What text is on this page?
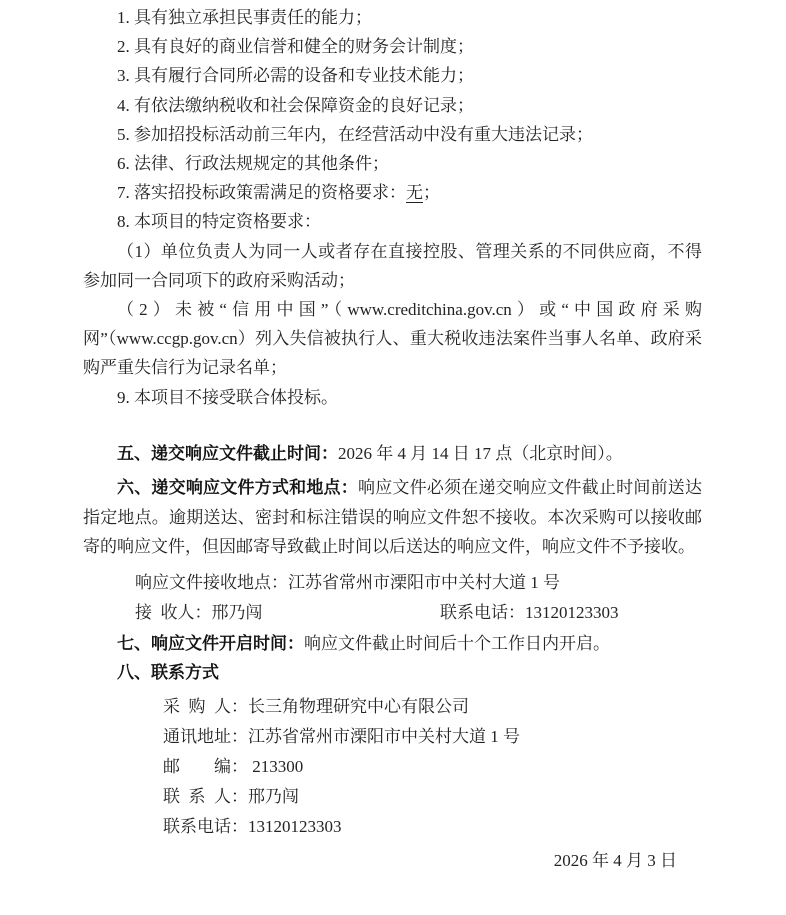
1. 具有独立承担民事责任的能力；

2. 具有良好的商业信誉和健全的财务会计制度；

3. 具有履行合同所必需的设备和专业技术能力；

4. 有依法缴纳税收和社会保障资金的良好记录；

5. 参加招投标活动前三年内，在经营活动中没有重大违法记录；

6. 法律、行政法规规定的其他条件；

7. 落实招投标政策需满足的资格要求：无；

8. 本项目的特定资格要求：

（1）单位负责人为同一人或者存在直接控股、管理关系的不同供应商，不得参加同一合同项下的政府采购活动；

（2）未被“信用中国”（www.creditchina.gov.cn）或“中国政府采购网”（www.ccgp.gov.cn）列入失信被执行人、重大税收违法案件当事人名单、政府采购严重失信行为记录名单；

9. 本项目不接受联合体投标。

五、递交响应文件截止时间：2026 年 4 月 14 日 17 点（北京时间）。

六、递交响应文件方式和地点：响应文件必须在递交响应文件截止时间前送达指定地点。逾期送达、密封和标注错误的响应文件恕不接收。本次采购可以接收邮寄的响应文件，但因邮寄导致截止时间以后送达的响应文件，响应文件不予接收。

响应文件接收地点：江苏省常州市溧阳市中关村大道 1 号

接  收人：邢乃闯	联系电话：13120123303

七、响应文件开启时间：响应文件截止时间后十个工作日内开启。

八、联系方式

采  购  人：长三角物理研究中心有限公司

通讯地址：江苏省常州市溧阳市中关村大道 1 号

邮        编： 213300

联  系  人：邢乃闯

联系电话：13120123303

2026 年 4 月 3 日
